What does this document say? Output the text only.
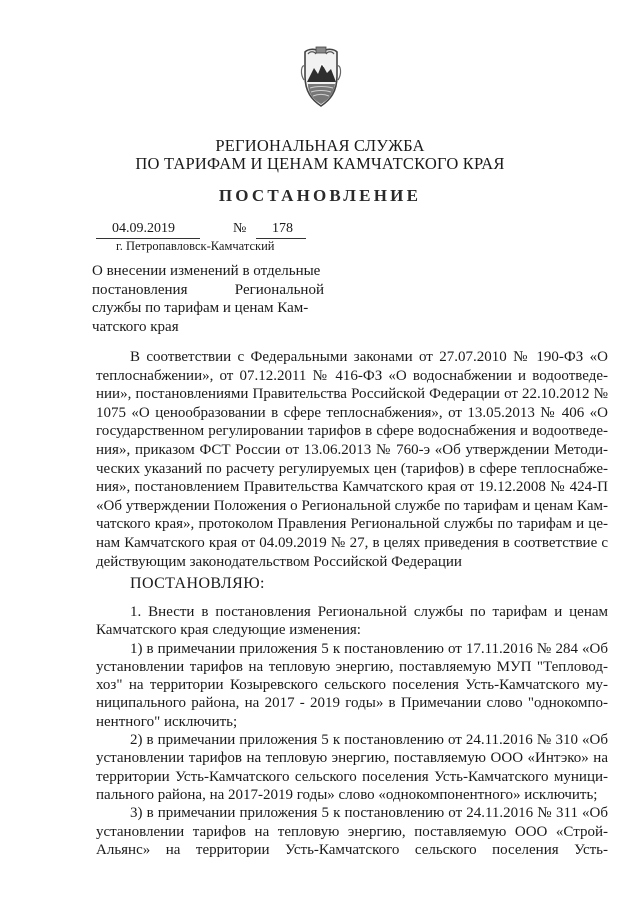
РЕГИОНАЛЬНАЯ СЛУЖБА
ПО ТАРИФАМ И ЦЕНАМ КАМЧАТСКОГО КРАЯ
ПОСТАНОВЛЕНИЕ
04.09.2019	№ 178
г. Петропавловск-Камчатский
О внесении изменений в отдельные
постановления Региональной
службы по тарифам и ценам Кам-
чатского края
В соответствии с Федеральными законами от 27.07.2010 № 190-ФЗ «О
теплоснабжении», от 07.12.2011 № 416-ФЗ «О водоснабжении и водоотведе-
нии», постановлениями Правительства Российской Федерации от 22.10.2012 №
1075 «О ценообразовании в сфере теплоснабжения», от 13.05.2013 № 406 «О
государственном регулировании тарифов в сфере водоснабжения и водоотведе-
ния», приказом ФСТ России от 13.06.2013 № 760-э «Об утверждении Методи-
ческих указаний по расчету регулируемых цен (тарифов) в сфере теплоснабже-
ния», постановлением Правительства Камчатского края от 19.12.2008 № 424-П
«Об утверждении Положения о Региональной службе по тарифам и ценам Кам-
чатского края», протоколом Правления Региональной службы по тарифам и це-
нам Камчатского края от 04.09.2019 № 27, в целях приведения в соответствие с
действующим законодательством Российской Федерации
ПОСТАНОВЛЯЮ:
1. Внести в постановления Региональной службы по тарифам и ценам
Камчатского края следующие изменения:
1) в примечании приложения 5 к постановлению от 17.11.2016 № 284 «Об
установлении тарифов на тепловую энергию, поставляемую МУП "Тепловод-
хоз" на территории Козыревского сельского поселения Усть-Камчатского му-
ниципального района, на 2017 - 2019 годы» в Примечании слово "однокомпо-
нентного" исключить;
2) в примечании приложения 5 к постановлению от 24.11.2016 № 310 «Об
установлении тарифов на тепловую энергию, поставляемую ООО «Интэко» на
территории Усть-Камчатского сельского поселения Усть-Камчатского муници-
пального района, на 2017-2019 годы» слово «однокомпонентного» исключить;
3) в примечании приложения 5 к постановлению от 24.11.2016 № 311 «Об
установлении тарифов на тепловую энергию, поставляемую ООО «Строй-
Альянс» на территории Усть-Камчатского сельского поселения Усть-
